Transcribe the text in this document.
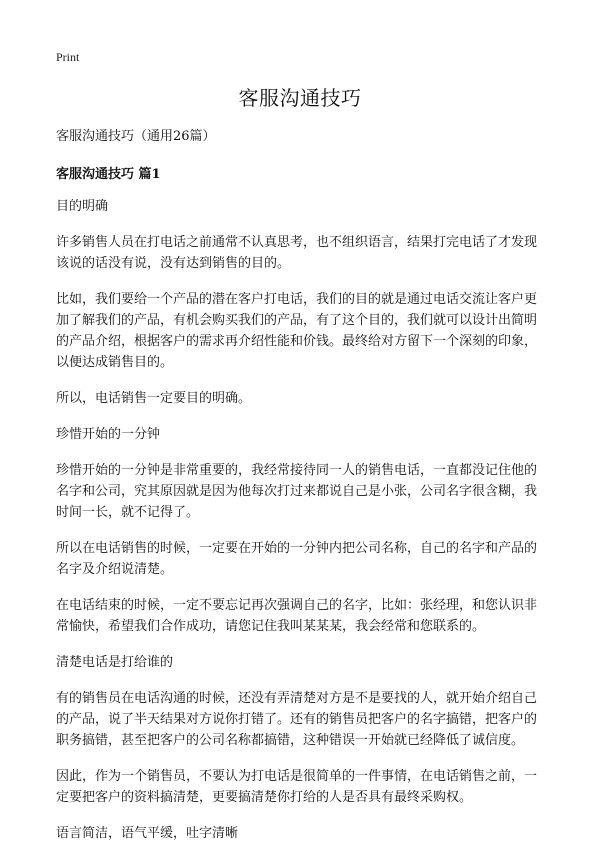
Print
客服沟通技巧
客服沟通技巧（通用26篇）
客服沟通技巧 篇1

目的明确

许多销售人员在打电话之前通常不认真思考，也不组织语言，结果打完电话了才发现该说的话没有说，没有达到销售的目的。

比如，我们要给一个产品的潜在客户打电话，我们的目的就是通过电话交流让客户更加了解我们的产品，有机会购买我们的产品，有了这个目的，我们就可以设计出简明的产品介绍，根据客户的需求再介绍性能和价钱。最终给对方留下一个深刻的印象，以便达成销售目的。

所以，电话销售一定要目的明确。

珍惜开始的一分钟

珍惜开始的一分钟是非常重要的，我经常接待同一人的销售电话，一直都没记住他的名字和公司，究其原因就是因为他每次打过来都说自己是小张，公司名字很含糊，我时间一长，就不记得了。

所以在电话销售的时候，一定要在开始的一分钟内把公司名称，自己的名字和产品的名字及介绍说清楚。

在电话结束的时候，一定不要忘记再次强调自己的名字，比如：张经理，和您认识非常愉快，希望我们合作成功，请您记住我叫某某某，我会经常和您联系的。

清楚电话是打给谁的

有的销售员在电话沟通的时候，还没有弄清楚对方是不是要找的人，就开始介绍自己的产品，说了半天结果对方说你打错了。还有的销售员把客户的名字搞错，把客户的职务搞错，甚至把客户的公司名称都搞错，这种错误一开始就已经降低了诚信度。

因此，作为一个销售员，不要认为打电话是很简单的一件事情，在电话销售之前，一定要把客户的资料搞清楚，更要搞清楚你打给的人是否具有最终采购权。

语言简洁，语气平缓，吐字清晰
